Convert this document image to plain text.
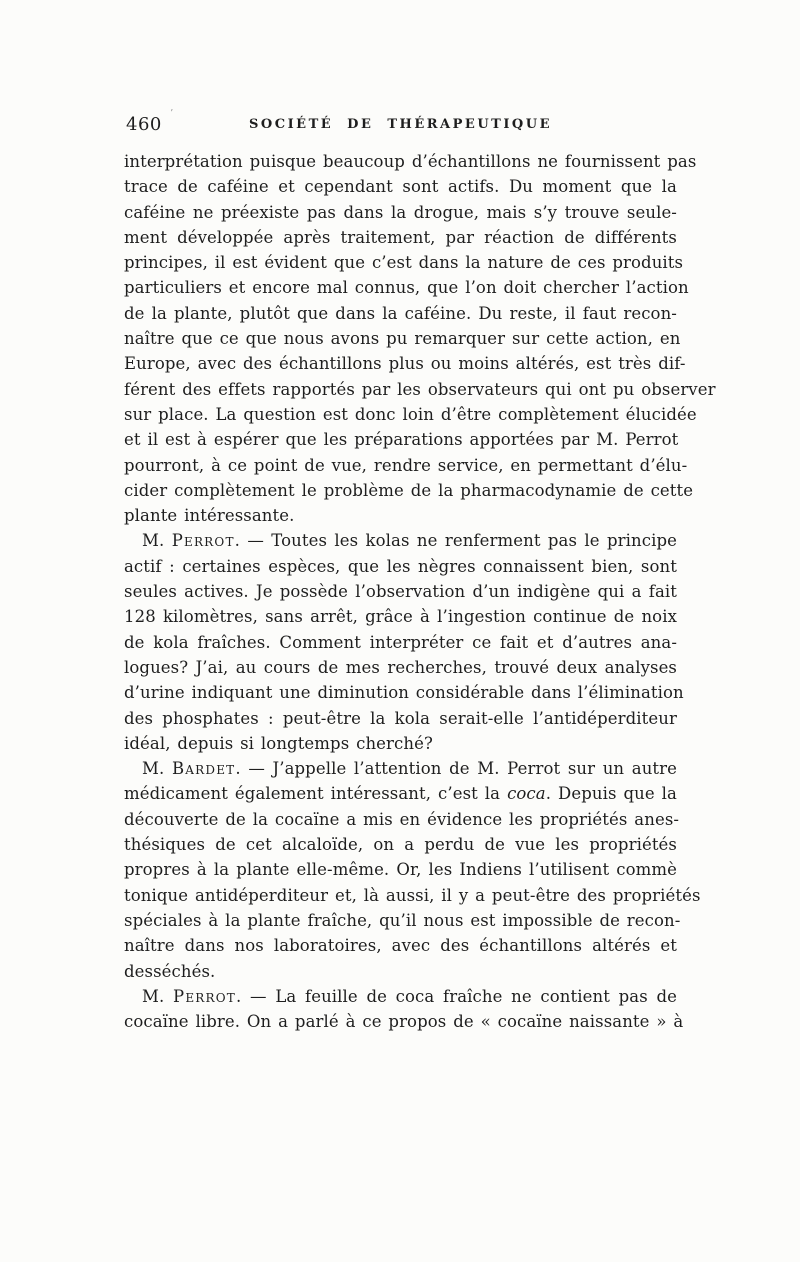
460 ʼ
SOCIÉTÉ DE THÉRAPEUTIQUE
interprétation puisque beaucoup d’échantillons ne fournissent pas
trace de caféine et cependant sont actifs. Du moment que la
caféine ne préexiste pas dans la drogue, mais s’y trouve seule-
ment développée après traitement, par réaction de différents
principes, il est évident que c’est dans la nature de ces produits
particuliers et encore mal connus, que l’on doit chercher l’action
de la plante, plutôt que dans la caféine. Du reste, il faut recon-
naître que ce que nous avons pu remarquer sur cette action, en
Europe, avec des échantillons plus ou moins altérés, est très dif-
férent des effets rapportés par les observateurs qui ont pu observer
sur place. La question est donc loin d’être complètement élucidée
et il est à espérer que les préparations apportées par M. Perrot
pourront, à ce point de vue, rendre service, en permettant d’élu-
cider complètement le problème de la pharmacodynamie de cette
plante intéressante.
M. Perrot. — Toutes les kolas ne renferment pas le principe
actif : certaines espèces, que les nègres connaissent bien, sont
seules actives. Je possède l’observation d’un indigène qui a fait
128 kilomètres, sans arrêt, grâce à l’ingestion continue de noix
de kola fraîches. Comment interpréter ce fait et d’autres ana-
logues? J’ai, au cours de mes recherches, trouvé deux analyses
d’urine indiquant une diminution considérable dans l’élimination
des phosphates : peut-être la kola serait-elle l’antidéperditeur
idéal, depuis si longtemps cherché?
M. Bardet. — J’appelle l’attention de M. Perrot sur un autre
médicament également intéressant, c’est la coca. Depuis que la
découverte de la cocaïne a mis en évidence les propriétés anes-
thésiques de cet alcaloïde, on a perdu de vue les propriétés
propres à la plante elle-même. Or, les Indiens l’utilisent commè
tonique antidéperditeur et, là aussi, il y a peut-être des propriétés
spéciales à la plante fraîche, qu’il nous est impossible de recon-
naître dans nos laboratoires, avec des échantillons altérés et
desséchés.
M. Perrot. — La feuille de coca fraîche ne contient pas de
cocaïne libre. On a parlé à ce propos de « cocaïne naissante » à
